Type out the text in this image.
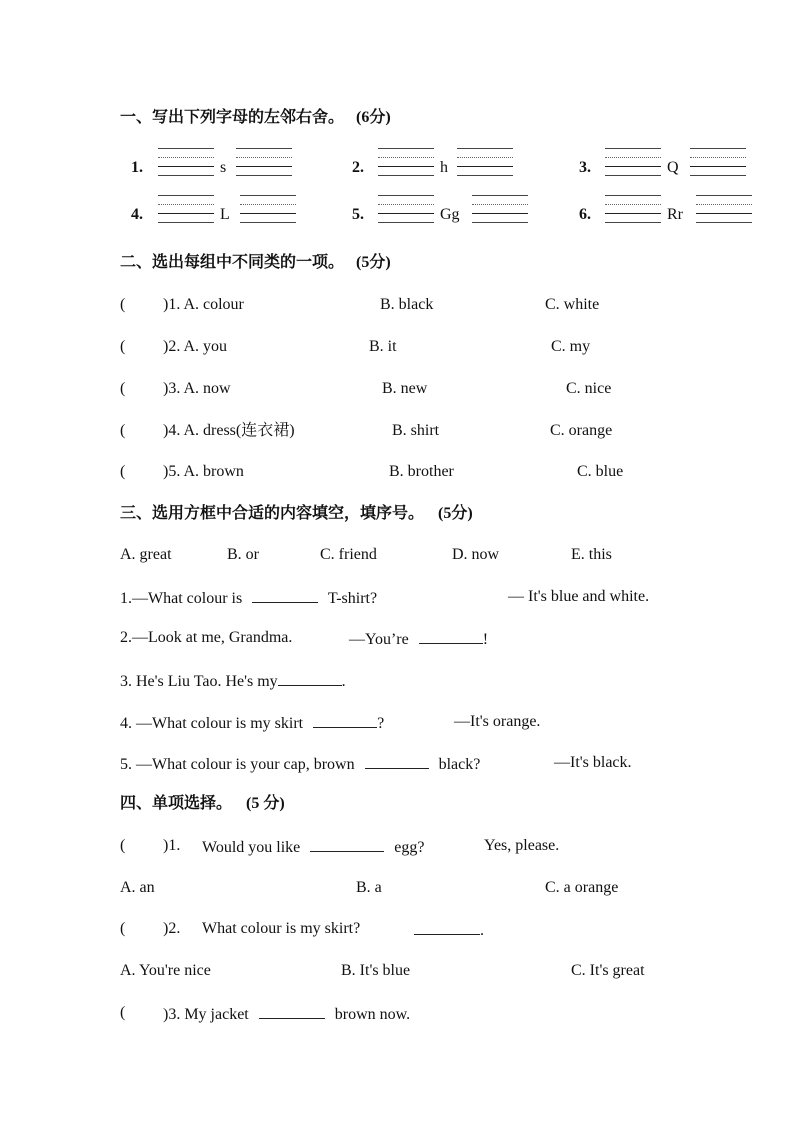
一、写出下列字母的左邻右舍。 (6分)
1.	s	2.	h	3.	Q
4.	L	5.	Gg	6.	Rr
二、选出每组中不同类的一项。 (5分)
( )1. A. colour	B. black	C. white
( )2. A. you	B. it	C. my
( )3. A. now	B. new	C. nice
( )4. A. dress(连衣裙)	B. shirt	C. orange
( )5. A. brown	B. brother	C. blue
三、选用方框中合适的内容填空，填序号。 (5分)
A. great	B. or	C. friend	D. now	E. this
1.—What colour is	T-shirt?	— It's blue and white.
2.—Look at me, Grandma.	—You’re	!
3. He's Liu Tao. He's my	.
4. —What colour is my skirt	?	—It's orange.
5. —What colour is your cap, brown	black?	—It's black.
四、单项选择。 (5 分)
( )1. Would you like	egg?	Yes, please.
A. an	B. a	C. a orange
( )2. What colour is my skirt?	.
A. You're nice	B. It's blue	C. It's great
( )3. My jacket	brown now.
